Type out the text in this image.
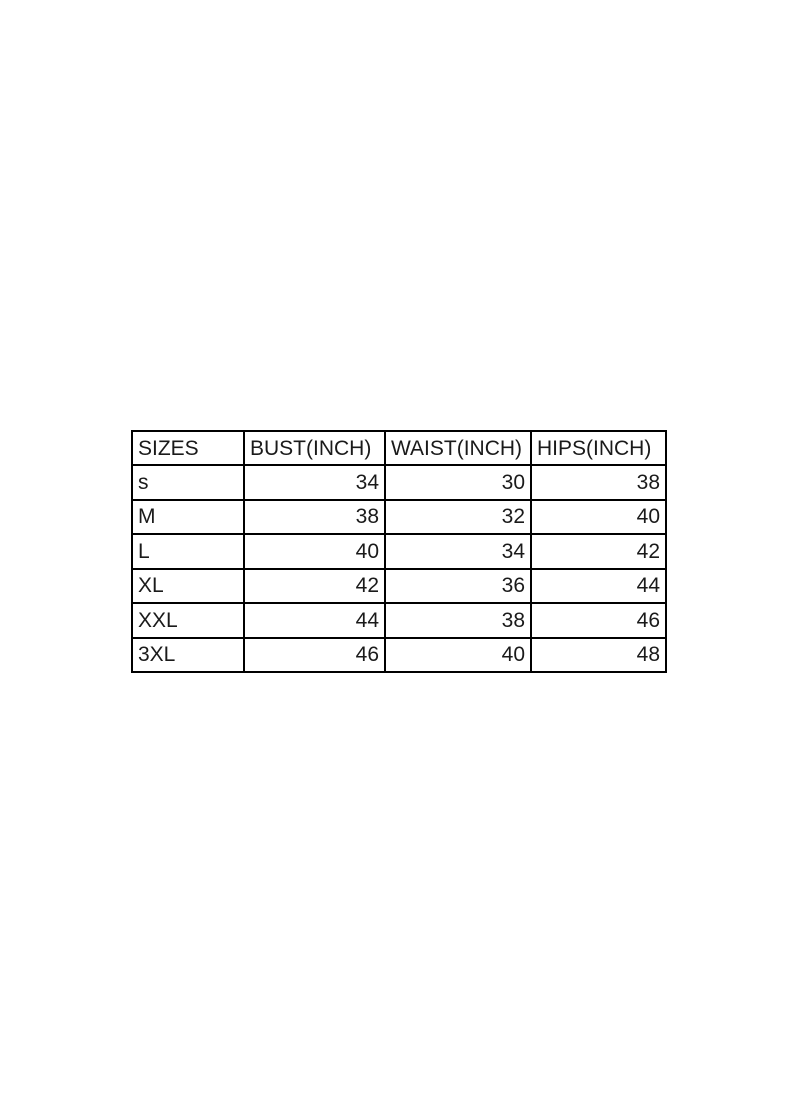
SIZES	BUST(INCH)	WAIST(INCH)	HIPS(INCH)
s	34	30	38
M	38	32	40
L	40	34	42
XL	42	36	44
XXL	44	38	46
3XL	46	40	48
